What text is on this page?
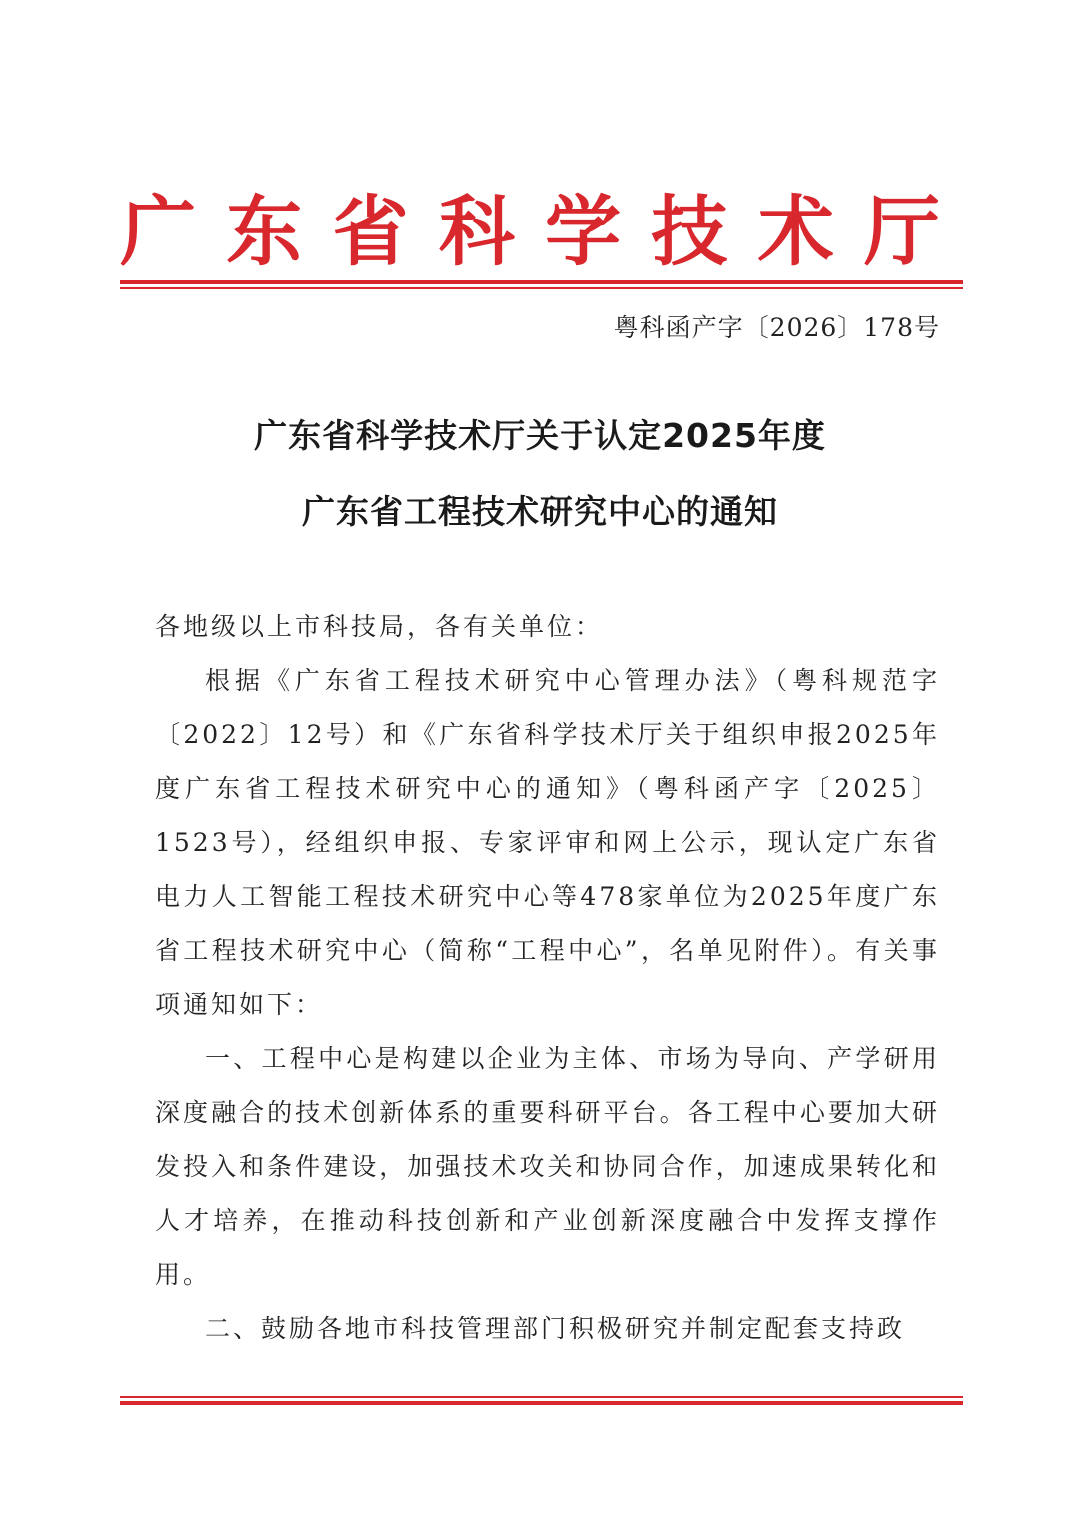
广 东 省 科 学 技 术 厅
粤科函产字〔2026〕178号
广东省科学技术厅关于认定2025年度
广东省工程技术研究中心的通知

各地级以上市科技局，各有关单位：

根据《广东省工程技术研究中心管理办法》（粤科规范字〔2022〕12号）和《广东省科学技术厅关于组织申报2025年度广东省工程技术研究中心的通知》（粤科函产字〔2025〕1523号），经组织申报、专家评审和网上公示，现认定广东省电力人工智能工程技术研究中心等478家单位为2025年度广东省工程技术研究中心（简称“工程中心”，名单见附件）。有关事项通知如下：

一、工程中心是构建以企业为主体、市场为导向、产学研用深度融合的技术创新体系的重要科研平台。各工程中心要加大研发投入和条件建设，加强技术攻关和协同合作，加速成果转化和人才培养，在推动科技创新和产业创新深度融合中发挥支撑作用。

二、鼓励各地市科技管理部门积极研究并制定配套支持政
